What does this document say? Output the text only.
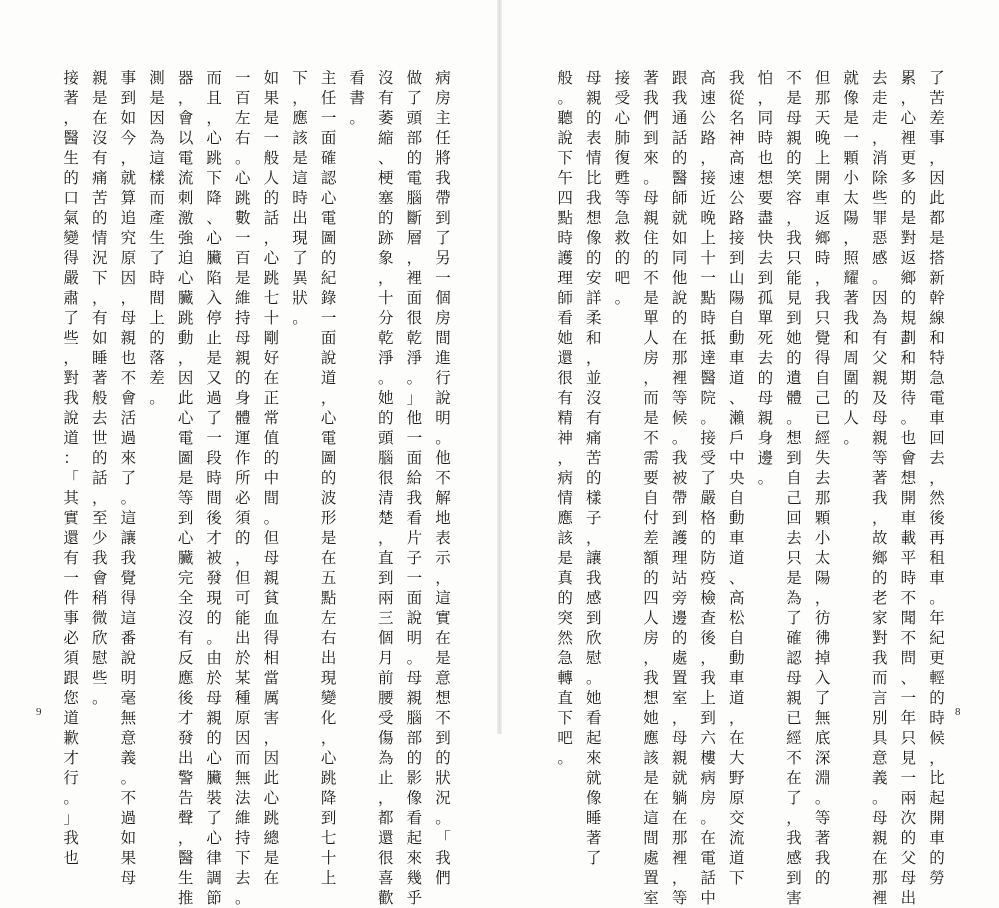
了
苦
差
事
，
因
此
都
是
搭
新
幹
線
和
特
急
電
車
回
去
，
然
後
再
租
車
。
年
紀
更
輕
的
時
候
，
比
起
開
車
的
勞
累
，
心
裡
更
多
的
是
對
返
鄉
的
規
劃
和
期
待
。
也
會
想
開
車
載
平
時
不
聞
不
問
、
一
年
只
見
一
兩
次
的
父
母
出
去
走
走
，
消
除
些
罪
惡
感
。
因
為
有
父
親
及
母
親
等
著
我
，
故
鄉
的
老
家
對
我
而
言
別
具
意
義
。
母
親
在
那
裡
就
像
是
一
顆
小
太
陽
，
照
耀
著
我
和
周
圍
的
人
。
但
那
天
晚
上
開
車
返
鄉
時
，
我
只
覺
得
自
己
已
經
失
去
那
顆
小
太
陽
，
彷
彿
掉
入
了
無
底
深
淵
。
等
著
我
的
不
是
母
親
的
笑
容
，
我
只
能
見
到
她
的
遺
體
。
想
到
自
己
回
去
只
是
為
了
確
認
母
親
已
經
不
在
了
，
我
感
到
害
怕
，
同
時
也
想
要
盡
快
去
到
孤
單
死
去
的
母
親
身
邊
。
我
從
名
神
高
速
公
路
接
到
山
陽
自
動
車
道
、
瀨
戶
中
央
自
動
車
道
、
高
松
自
動
車
道
，
在
大
野
原
交
流
道
下
高
速
公
路
，
接
近
晚
上
十
一
點
時
抵
達
醫
院
。
接
受
了
嚴
格
的
防
疫
檢
查
後
，
我
上
到
六
樓
病
房
。
在
電
話
中
跟
我
通
話
的
醫
師
就
如
同
他
說
的
在
那
裡
等
候
。
我
被
帶
到
護
理
站
旁
邊
的
處
置
室
，
母
親
就
躺
在
那
裡
，
等
著
我
們
到
來
。
母
親
住
的
不
是
單
人
房
，
而
是
不
需
要
自
付
差
額
的
四
人
房
，
我
想
她
應
該
是
在
這
間
處
置
室
接
受
心
肺
復
甦
等
急
救
的
吧
。
母
親
的
表
情
比
我
想
像
的
安
詳
柔
和
，
並
沒
有
痛
苦
的
樣
子
，
讓
我
感
到
欣
慰
。
她
看
起
來
就
像
睡
著
了
般
。
聽
說
下
午
四
點
時
護
理
師
看
她
還
很
有
精
神
，
病
情
應
該
是
真
的
突
然
急
轉
直
下
吧
。
病
房
主
任
將
我
帶
到
了
另
一
個
房
間
進
行
說
明
。
他
不
解
地
表
示
，
這
實
在
是
意
想
不
到
的
狀
況
。
「
我
們
做
了
頭
部
的
電
腦
斷
層
，
裡
面
很
乾
淨
。
」
他
一
面
給
我
看
片
子
一
面
說
明
。
母
親
腦
部
的
影
像
看
起
來
幾
乎
沒
有
萎
縮
、
梗
塞
的
跡
象
，
十
分
乾
淨
。
她
的
頭
腦
很
清
楚
，
直
到
兩
三
個
月
前
腰
受
傷
為
止
，
都
還
很
喜
歡
看
書
。
主
任
一
面
確
認
心
電
圖
的
紀
錄
一
面
說
道
，
心
電
圖
的
波
形
是
在
五
點
左
右
出
現
變
化
，
心
跳
降
到
七
十
上
下
，
應
該
是
這
時
出
現
了
異
狀
。
如
果
是
一
般
人
的
話
，
心
跳
七
十
剛
好
在
正
常
值
的
中
間
。
但
母
親
貧
血
得
相
當
厲
害
，
因
此
心
跳
總
是
在
一
百
左
右
。
心
跳
數
一
百
是
維
持
母
親
的
身
體
運
作
所
必
須
的
，
但
可
能
出
於
某
種
原
因
而
無
法
維
持
下
去
。
而
且
，
心
跳
下
降
、
心
臟
陷
入
停
止
是
又
過
了
一
段
時
間
後
才
被
發
現
的
。
由
於
母
親
的
心
臟
裝
了
心
律
調
節
器
，
會
以
電
流
刺
激
強
迫
心
臟
跳
動
，
因
此
心
電
圖
是
等
到
心
臟
完
全
沒
有
反
應
後
才
發
出
警
告
聲
，
醫
生
推
測
是
因
為
這
樣
而
產
生
了
時
間
上
的
落
差
。
事
到
如
今
，
就
算
追
究
原
因
，
母
親
也
不
會
活
過
來
了
。
這
讓
我
覺
得
這
番
說
明
毫
無
意
義
。
不
過
如
果
母
親
是
在
沒
有
痛
苦
的
情
況
下
，
有
如
睡
著
般
去
世
的
話
，
至
少
我
會
稍
微
欣
慰
些
。
接
著
，
醫
生
的
口
氣
變
得
嚴
肅
了
些
，
對
我
說
道
：
「
其
實
還
有
一
件
事
必
須
跟
您
道
歉
才
行
。
」
我
也
9	8
